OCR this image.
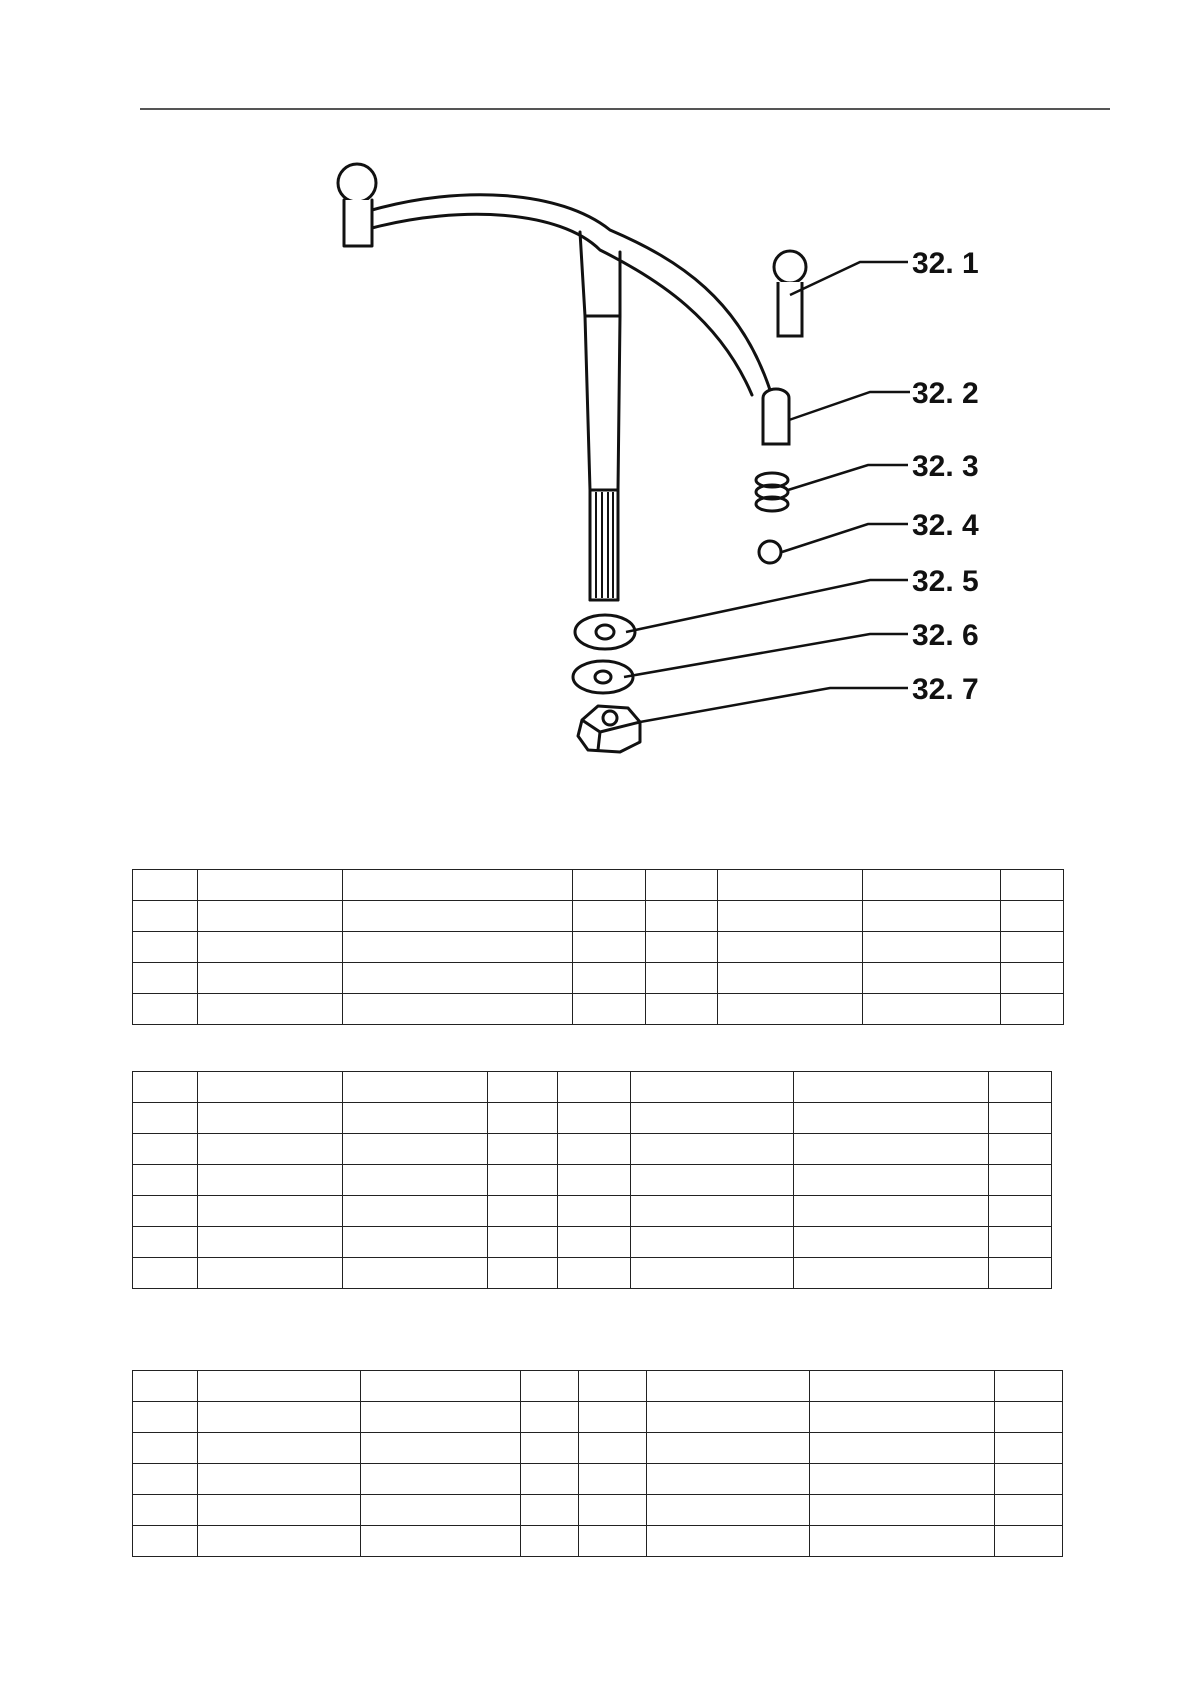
32. 1
32. 2
32. 3
32. 4
32. 5
32. 6
32. 7
